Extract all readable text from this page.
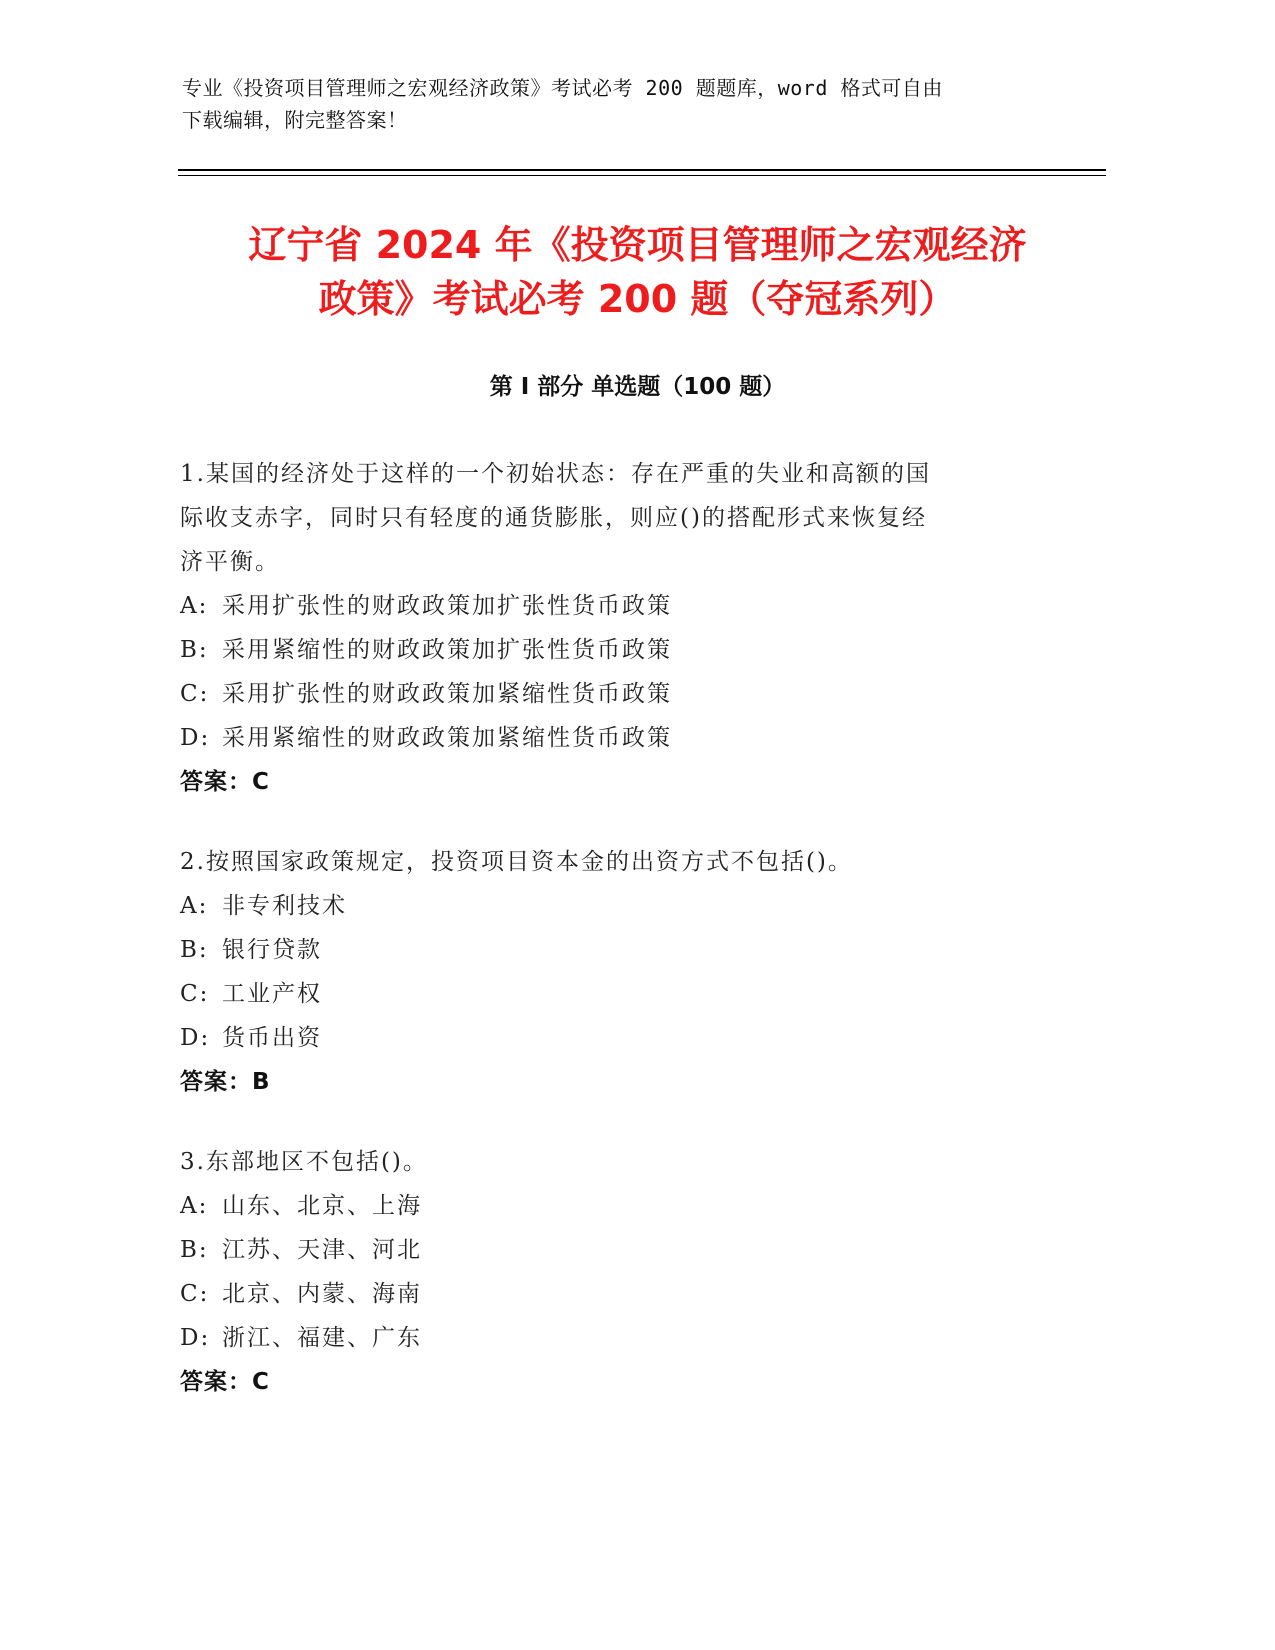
专业《投资项目管理师之宏观经济政策》考试必考 200 题题库，word 格式可自由
下载编辑，附完整答案！
辽宁省 2024 年《投资项目管理师之宏观经济
政策》考试必考 200 题（夺冠系列）
第 I 部分 单选题（100 题）
1.某国的经济处于这样的一个初始状态：存在严重的失业和高额的国
际收支赤字，同时只有轻度的通货膨胀，则应()的搭配形式来恢复经
济平衡。
A: 采用扩张性的财政政策加扩张性货币政策
B: 采用紧缩性的财政政策加扩张性货币政策
C: 采用扩张性的财政政策加紧缩性货币政策
D: 采用紧缩性的财政政策加紧缩性货币政策
答案：C
2.按照国家政策规定，投资项目资本金的出资方式不包括()。
A: 非专利技术
B: 银行贷款
C: 工业产权
D: 货币出资
答案：B
3.东部地区不包括()。
A: 山东、北京、上海
B: 江苏、天津、河北
C: 北京、内蒙、海南
D: 浙江、福建、广东
答案：C
